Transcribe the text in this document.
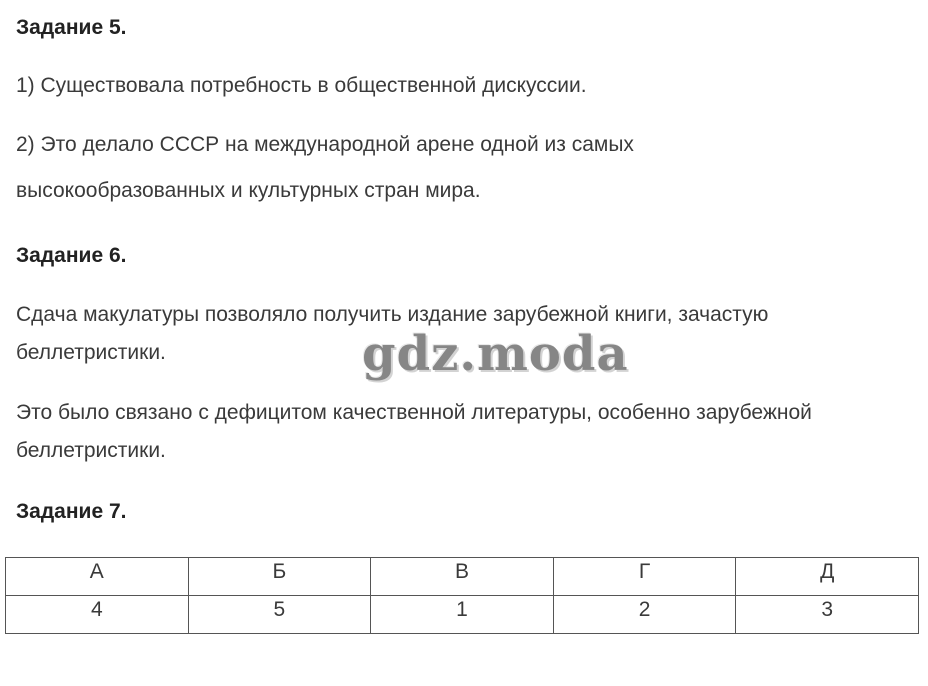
Задание 5.

1) Существовала потребность в общественной дискуссии.

2) Это делало СССР на международной арене одной из самых
высокообразованных и культурных стран мира.

Задание 6.

Сдача макулатуры позволяло получить издание зарубежной книги, зачастую
беллетристики.	gdz.moda

Это было связано с дефицитом качественной литературы, особенно зарубежной
беллетристики.

Задание 7.
А	Б	В	Г	Д
4	5	1	2	3
